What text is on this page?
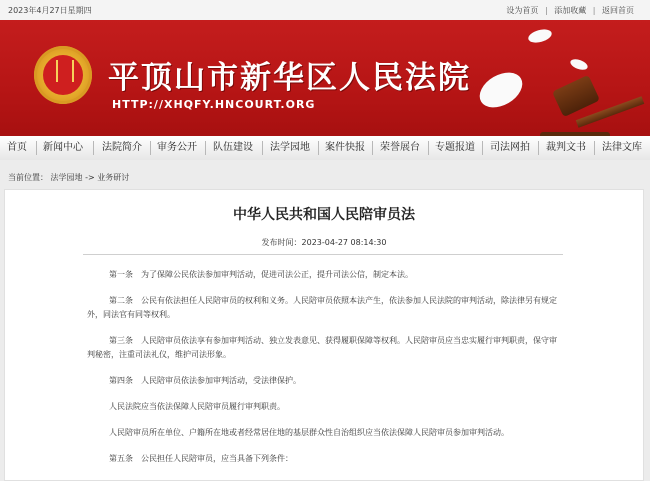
2023年4月27日星期四	设为首页 | 添加收藏 | 返回首页
平顶山市新华区人民法院
HTTP://XHQFY.HNCOURT.ORG
首页	新闻中心	法院简介	审务公开	队伍建设	法学园地	案件快报	荣誉展台	专题报道	司法网拍	裁判文书	法律文库
当前位置： 法学园地 -> 业务研讨
中华人民共和国人民陪审员法
发布时间：2023-04-27 08:14:30

第一条　为了保障公民依法参加审判活动，促进司法公正，提升司法公信，制定本法。

第二条　公民有依法担任人民陪审员的权利和义务。人民陪审员依照本法产生，依法参加人民法院的审判活动，除法律另有规定外，同法官有同等权利。

第三条　人民陪审员依法享有参加审判活动、独立发表意见、获得履职保障等权利。人民陪审员应当忠实履行审判职责，保守审判秘密，注重司法礼仪，维护司法形象。

第四条　人民陪审员依法参加审判活动，受法律保护。

人民法院应当依法保障人民陪审员履行审判职责。

人民陪审员所在单位、户籍所在地或者经常居住地的基层群众性自治组织应当依法保障人民陪审员参加审判活动。

第五条　公民担任人民陪审员，应当具备下列条件：
